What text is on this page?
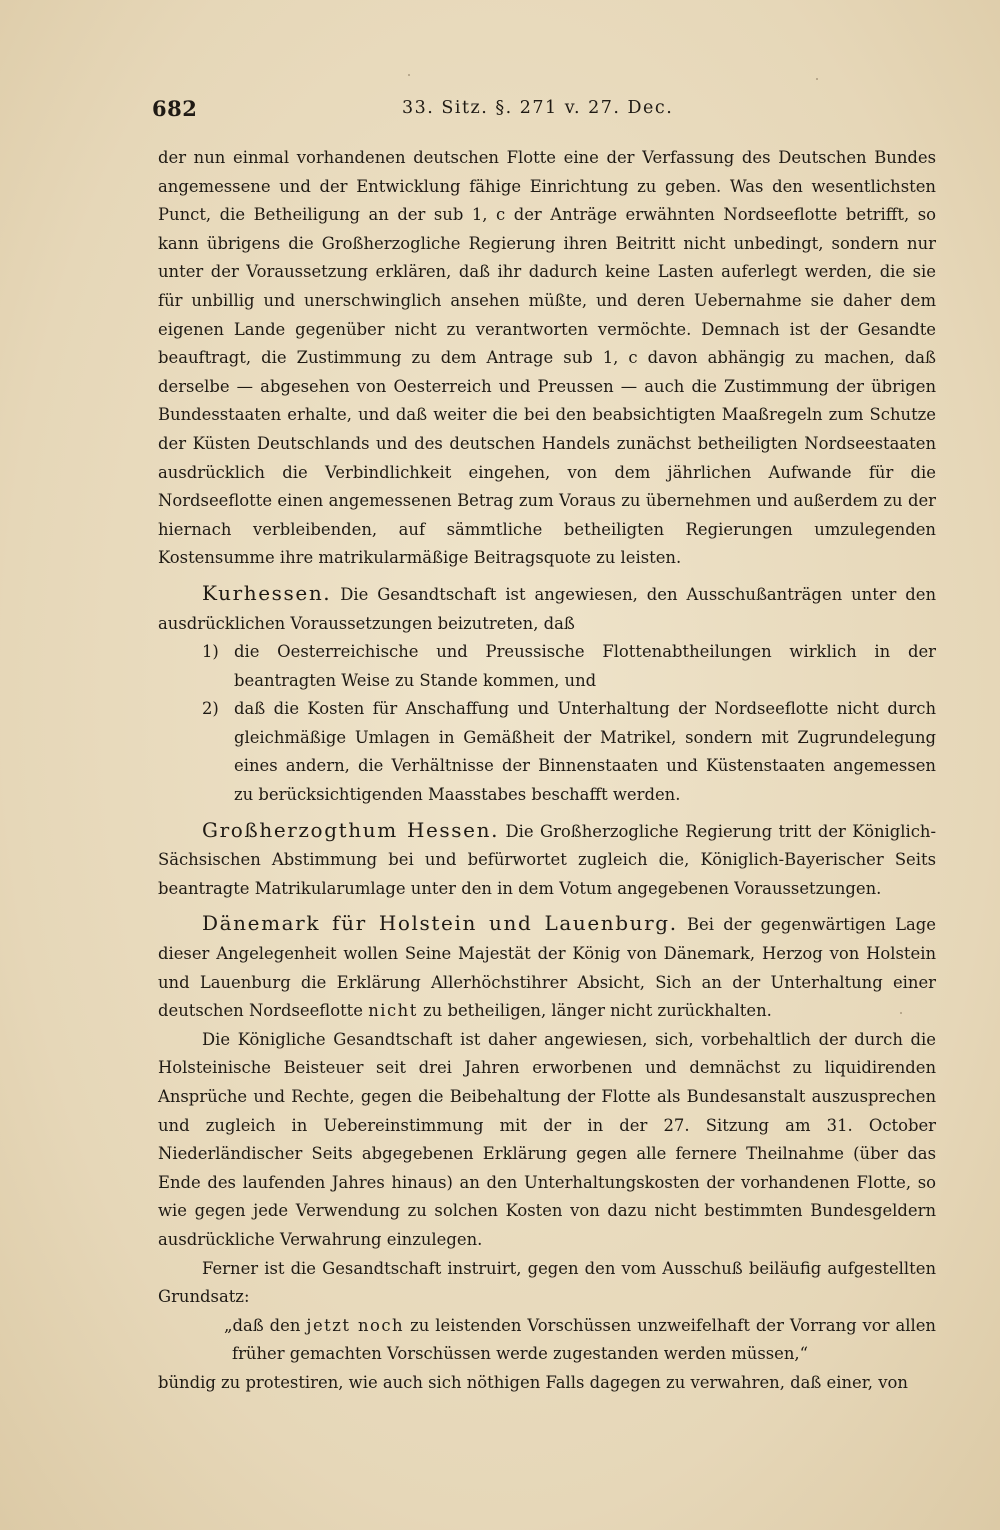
682	33. Sitz. §. 271 v. 27. Dec.

der nun einmal vorhandenen deutschen Flotte eine der Verfassung des Deutschen Bundes angemessene und der Entwicklung fähige Einrichtung zu geben. Was den wesentlichsten Punct, die Betheiligung an der sub 1, c der Anträge erwähnten Nordseeflotte betrifft, so kann übrigens die Großherzogliche Regierung ihren Beitritt nicht unbedingt, sondern nur unter der Voraussetzung erklären, daß ihr dadurch keine Lasten auferlegt werden, die sie für unbillig und unerschwinglich ansehen müßte, und deren Uebernahme sie daher dem eigenen Lande gegenüber nicht zu verantworten vermöchte. Demnach ist der Gesandte beauftragt, die Zustimmung zu dem Antrage sub 1, c davon abhängig zu machen, daß derselbe — abgesehen von Oesterreich und Preussen — auch die Zustimmung der übrigen Bundesstaaten erhalte, und daß weiter die bei den beabsichtigten Maaßregeln zum Schutze der Küsten Deutschlands und des deutschen Handels zunächst betheiligten Nordseestaaten ausdrücklich die Verbindlichkeit eingehen, von dem jährlichen Aufwande für die Nordseeflotte einen angemessenen Betrag zum Voraus zu übernehmen und außerdem zu der hiernach verbleibenden, auf sämmtliche betheiligten Regierungen umzulegenden Kostensumme ihre matrikularmäßige Beitragsquote zu leisten.

Kurhessen. Die Gesandtschaft ist angewiesen, den Ausschußanträgen unter den ausdrücklichen Voraussetzungen beizutreten, daß

1) die Oesterreichische und Preussische Flottenabtheilungen wirklich in der beantragten Weise zu Stande kommen, und
2) daß die Kosten für Anschaffung und Unterhaltung der Nordseeflotte nicht durch gleichmäßige Umlagen in Gemäßheit der Matrikel, sondern mit Zugrundelegung eines andern, die Verhältnisse der Binnenstaaten und Küstenstaaten angemessen zu berücksichtigenden Maasstabes beschafft werden.

Großherzogthum Hessen. Die Großherzogliche Regierung tritt der Königlich-Sächsischen Abstimmung bei und befürwortet zugleich die, Königlich-Bayerischer Seits beantragte Matrikularumlage unter den in dem Votum angegebenen Voraussetzungen.

Dänemark für Holstein und Lauenburg. Bei der gegenwärtigen Lage dieser Angelegenheit wollen Seine Majestät der König von Dänemark, Herzog von Holstein und Lauenburg die Erklärung Allerhöchstihrer Absicht, Sich an der Unterhaltung einer deutschen Nordseeflotte nicht zu betheiligen, länger nicht zurückhalten.

Die Königliche Gesandtschaft ist daher angewiesen, sich, vorbehaltlich der durch die Holsteinische Beisteuer seit drei Jahren erworbenen und demnächst zu liquidirenden Ansprüche und Rechte, gegen die Beibehaltung der Flotte als Bundesanstalt auszusprechen und zugleich in Uebereinstimmung mit der in der 27. Sitzung am 31. October Niederländischer Seits abgegebenen Erklärung gegen alle fernere Theilnahme (über das Ende des laufenden Jahres hinaus) an den Unterhaltungskosten der vorhandenen Flotte, so wie gegen jede Verwendung zu solchen Kosten von dazu nicht bestimmten Bundesgeldern ausdrückliche Verwahrung einzulegen.

Ferner ist die Gesandtschaft instruirt, gegen den vom Ausschuß beiläufig aufgestellten Grundsatz:

„daß den jetzt noch zu leistenden Vorschüssen unzweifelhaft der Vorrang vor allen früher gemachten Vorschüssen werde zugestanden werden müssen,“

bündig zu protestiren, wie auch sich nöthigen Falls dagegen zu verwahren, daß einer, von
